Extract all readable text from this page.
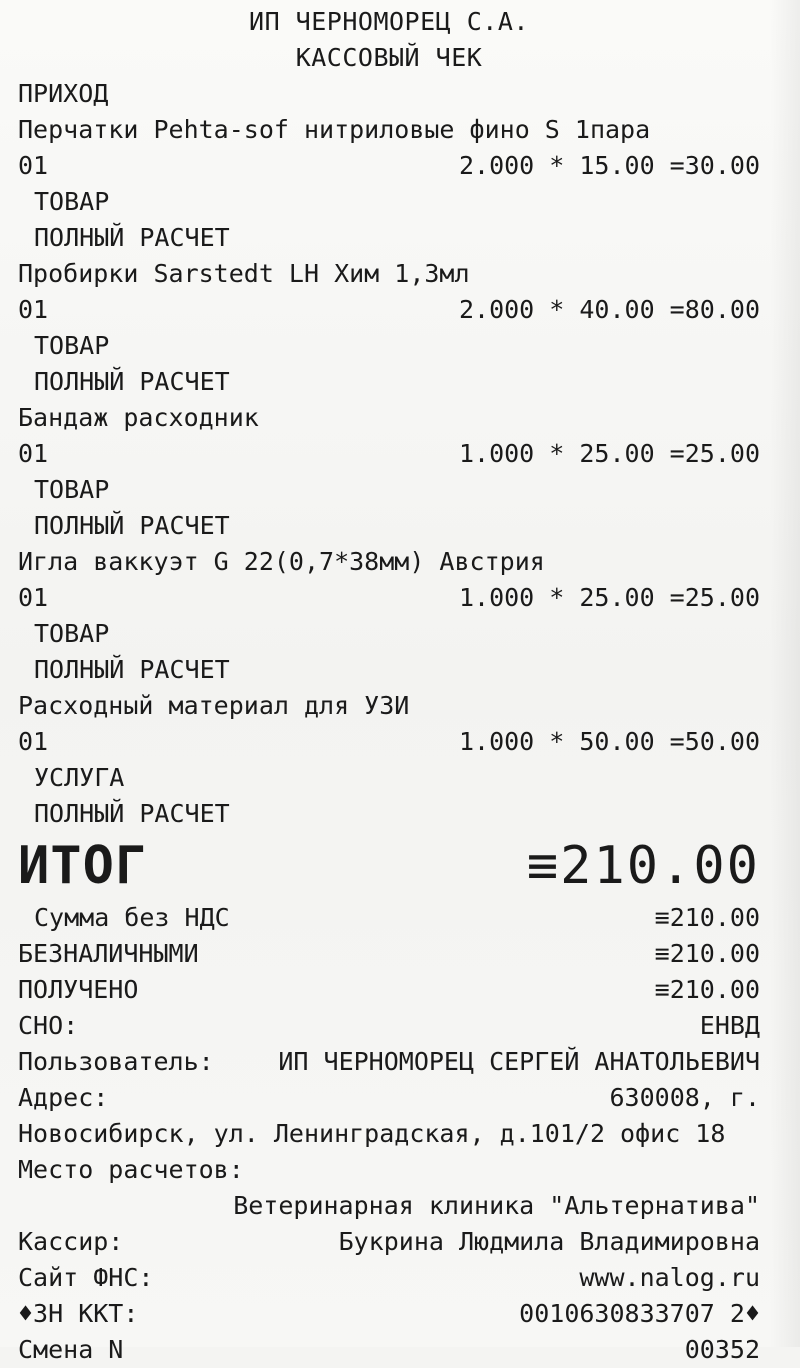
ИП ЧЕРНОМОРЕЦ С.А.
КАССОВЫЙ ЧЕК
ПРИХОД
Перчатки Pehta-sof нитриловые фино S 1пара
01	2.000 * 15.00 =30.00
ТОВАР
ПОЛНЫЙ РАСЧЕТ
Пробирки Sarstedt LH Хим 1,3мл
01	2.000 * 40.00 =80.00
ТОВАР
ПОЛНЫЙ РАСЧЕТ
Бандаж расходник
01	1.000 * 25.00 =25.00
ТОВАР
ПОЛНЫЙ РАСЧЕТ
Игла ваккуэт G 22(0,7*38мм) Австрия
01	1.000 * 25.00 =25.00
ТОВАР
ПОЛНЫЙ РАСЧЕТ
Расходный материал для УЗИ
01	1.000 * 50.00 =50.00
УСЛУГА
ПОЛНЫЙ РАСЧЕТ
ИТОГ	≡210.00
Сумма без НДС	≡210.00
БЕЗНАЛИЧНЫМИ	≡210.00
ПОЛУЧЕНО	≡210.00
СНО:	ЕНВД
Пользователь:	ИП ЧЕРНОМОРЕЦ СЕРГЕЙ АНАТОЛЬЕВИЧ
Адрес:	630008, г.
Новосибирск, ул. Ленинградская, д.101/2 офис 18
Место расчетов:
Ветеринарная клиника "Альтернатива"
Кассир:	Букрина Людмила Владимировна
Сайт ФНС:	www.nalog.ru
♦ЗН ККТ:	0010630833707 2♦
Смена N	00352
